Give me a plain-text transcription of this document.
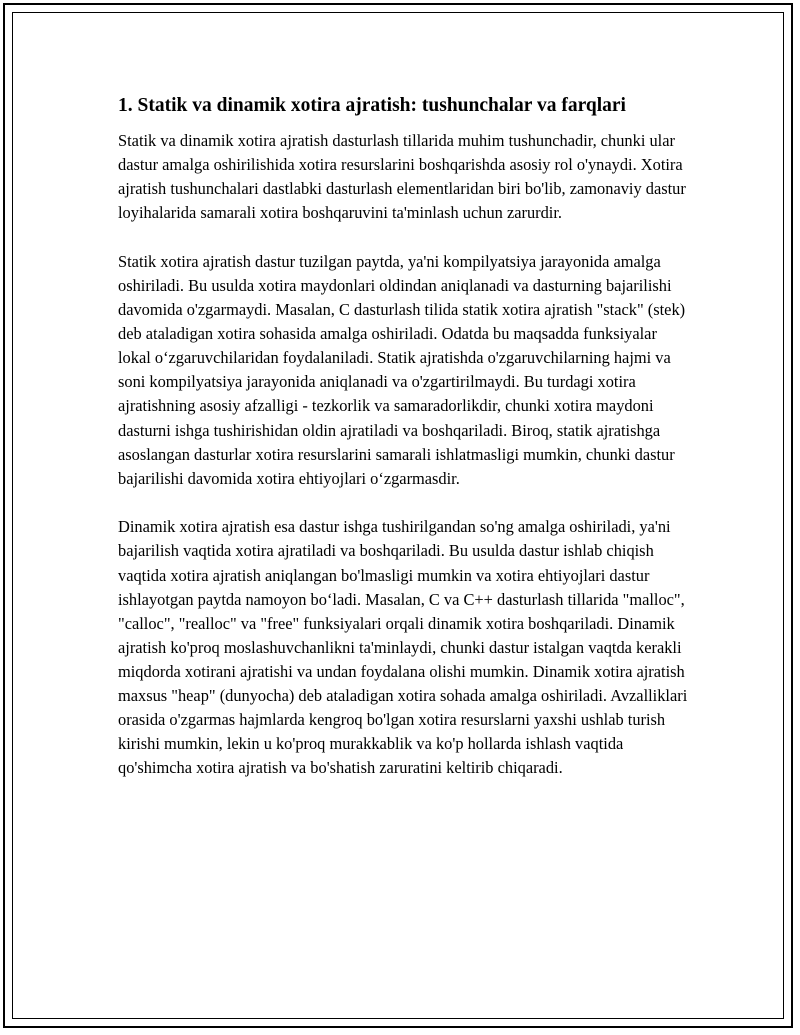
1. Statik va dinamik xotira ajratish: tushunchalar va farqlari

Statik va dinamik xotira ajratish dasturlash tillarida muhim tushunchadir, chunki ular dastur amalga oshirilishida xotira resurslarini boshqarishda asosiy rol o'ynaydi. Xotira ajratish tushunchalari dastlabki dasturlash elementlaridan biri bo'lib, zamonaviy dastur loyihalarida samarali xotira boshqaruvini ta'minlash uchun zarurdir.

Statik xotira ajratish dastur tuzilgan paytda, ya'ni kompilyatsiya jarayonida amalga oshiriladi. Bu usulda xotira maydonlari oldindan aniqlanadi va dasturning bajarilishi davomida o'zgarmaydi. Masalan, C dasturlash tilida statik xotira ajratish "stack" (stek) deb ataladigan xotira sohasida amalga oshiriladi. Odatda bu maqsadda funksiyalar lokal o‘zgaruvchilaridan foydalaniladi. Statik ajratishda o'zgaruvchilarning hajmi va soni kompilyatsiya jarayonida aniqlanadi va o'zgartirilmaydi. Bu turdagi xotira ajratishning asosiy afzalligi - tezkorlik va samaradorlikdir, chunki xotira maydoni dasturni ishga tushirishidan oldin ajratiladi va boshqariladi. Biroq, statik ajratishga asoslangan dasturlar xotira resurslarini samarali ishlatmasligi mumkin, chunki dastur bajarilishi davomida xotira ehtiyojlari o‘zgarmasdir.

Dinamik xotira ajratish esa dastur ishga tushirilgandan so'ng amalga oshiriladi, ya'ni bajarilish vaqtida xotira ajratiladi va boshqariladi. Bu usulda dastur ishlab chiqish vaqtida xotira ajratish aniqlangan bo'lmasligi mumkin va xotira ehtiyojlari dastur ishlayotgan paytda namoyon bo‘ladi. Masalan, C va C++ dasturlash tillarida "malloc", "calloc", "realloc" va "free" funksiyalari orqali dinamik xotira boshqariladi. Dinamik ajratish ko'proq moslashuvchanlikni ta'minlaydi, chunki dastur istalgan vaqtda kerakli miqdorda xotirani ajratishi va undan foydalana olishi mumkin. Dinamik xotira ajratish maxsus "heap" (dunyocha) deb ataladigan xotira sohada amalga oshiriladi. Avzalliklari orasida o'zgarmas hajmlarda kengroq bo'lgan xotira resurslarni yaxshi ushlab turish kirishi mumkin, lekin u ko'proq murakkablik va ko'p hollarda ishlash vaqtida qo'shimcha xotira ajratish va bo'shatish zaruratini keltirib chiqaradi.
